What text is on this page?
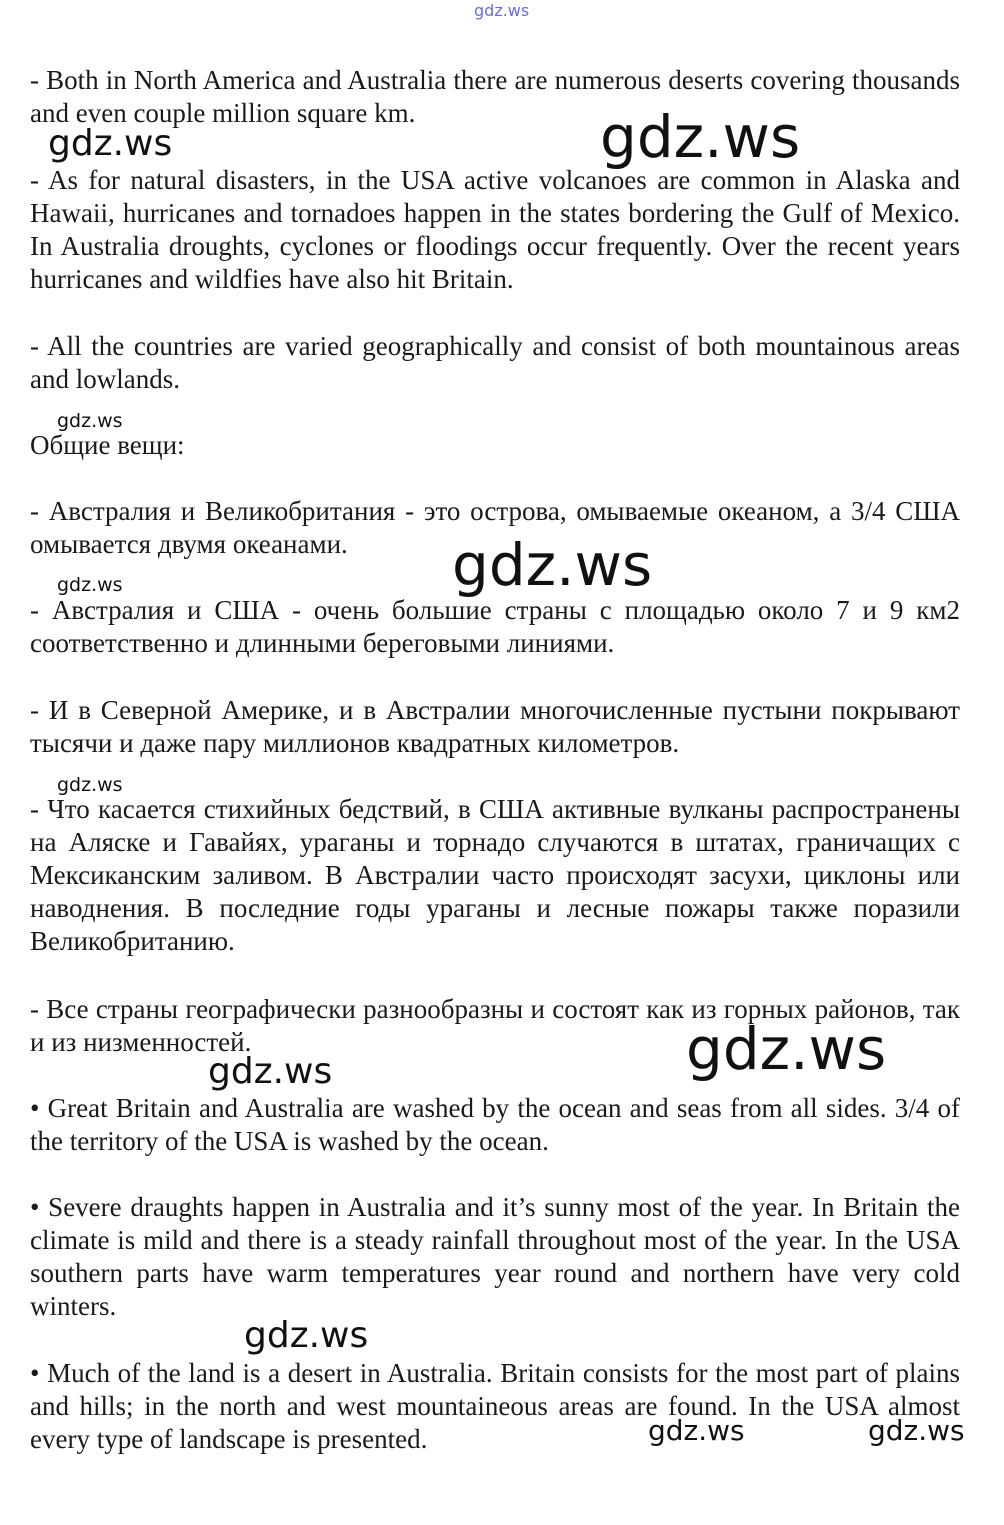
- Both in North America and Australia there are numerous deserts covering thousands and even couple million square km.

- As for natural disasters, in the USA active volcanoes are common in Alaska and Hawaii, hurricanes and tornadoes happen in the states bordering the Gulf of Mexico. In Australia droughts, cyclones or floodings occur frequently. Over the recent years hurricanes and wildfies have also hit Britain.

- All the countries are varied geographically and consist of both mountainous areas and lowlands.

Общие вещи:

- Австралия и Великобритания - это острова, омываемые океаном, а 3/4 США омывается двумя океанами.

- Австралия и США - очень большие страны с площадью около 7 и 9 км2 соответственно и длинными береговыми линиями.

- И в Северной Америке, и в Австралии многочисленные пустыни покрывают тысячи и даже пару миллионов квадратных километров.

- Что касается стихийных бедствий, в США активные вулканы распространены на Аляске и Гавайях, ураганы и торнадо случаются в штатах, граничащих с Мексиканским заливом. В Австралии часто происходят засухи, циклоны или наводнения. В последние годы ураганы и лесные пожары также поразили Великобританию.

- Все страны географически разнообразны и состоят как из горных районов, так и из низменностей.

• Great Britain and Australia are washed by the ocean and seas from all sides. 3/4 of the territory of the USA is washed by the ocean.

• Severe draughts happen in Australia and it’s sunny most of the year. In Britain the climate is mild and there is a steady rainfall throughout most of the year. In the USA southern parts have warm temperatures year round and northern have very cold winters.

• Much of the land is a desert in Australia. Britain consists for the most part of plains and hills; in the north and west mountaineous areas are found. In the USA almost every type of landscape is presented.

gdz.ws
gdz.ws	gdz.ws
gdz.ws
gdz.ws	gdz.ws
gdz.ws
gdz.ws
gdz.ws
gdz.ws
gdz.ws	gdz.ws
